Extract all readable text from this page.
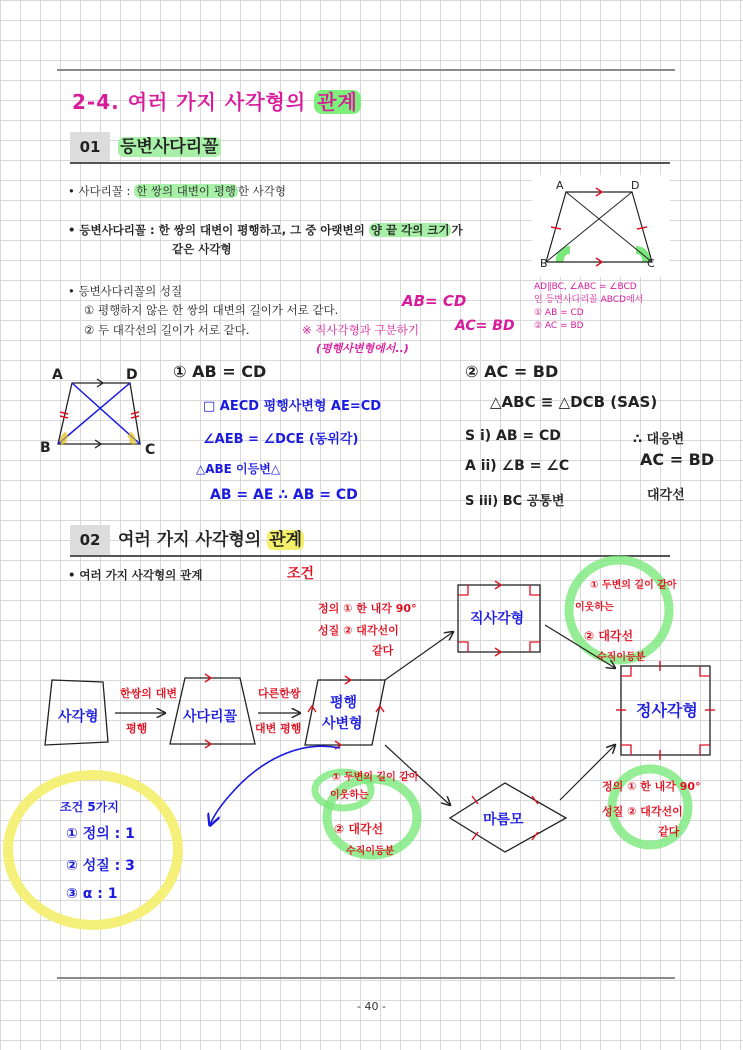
2-4. 여러 가지 사각형의 관계
01	등변사다리꼴
• 사다리꼴 : 한 쌍의 대변이 평행 한 사각형
• 등변사다리꼴 : 한 쌍의 대변이 평행하고, 그 중 아랫변의 양 끝 각의 크기 가
같은 사각형
• 등변사다리꼴의 성질
① 평행하지 않은 한 쌍의 대변의 길이가 서로 같다.
② 두 대각선의 길이가 서로 같다.	※ 직사각형과 구분하기
(평행사변형에서..)
AB= CD
AC= BD
A	D
B	C
AD∥BC, ∠ABC = ∠BCD
인 등변사다리꼴 ABCD에서
① AB = CD
② AC = BD
A	D
B	C
① AB = CD
□ AECD 평행사변형 AE=CD
∠AEB = ∠DCE (동위각)
△ABE 이등변△
AB = AE ∴ AB = CD
② AC = BD
△ABC ≡ △DCB (SAS)
S i) AB = CD
A ii) ∠B = ∠C
S iii) BC 공통변
∴ 대응변
AC = BD
대각선
02	여러 가지 사각형의 관계
• 여러 가지 사각형의 관계	조건
사각형	사다리꼴
평행
사변형
직사각형
마름모
정사각형
한쌍의 대변
평행
다른한쌍
대변 평행
정의 ① 한 내각 90°
성질 ② 대각선이
같다
① 두변의 길이 같아
이웃하는
② 대각선
수직이등분
① 두변의 길이 같아
이웃하는
② 대각선
수직이등분
정의 ① 한 내각 90°
성질 ② 대각선이
같다
조건 5가지
① 정의 : 1
② 성질 : 3
③ α : 1
- 40 -
